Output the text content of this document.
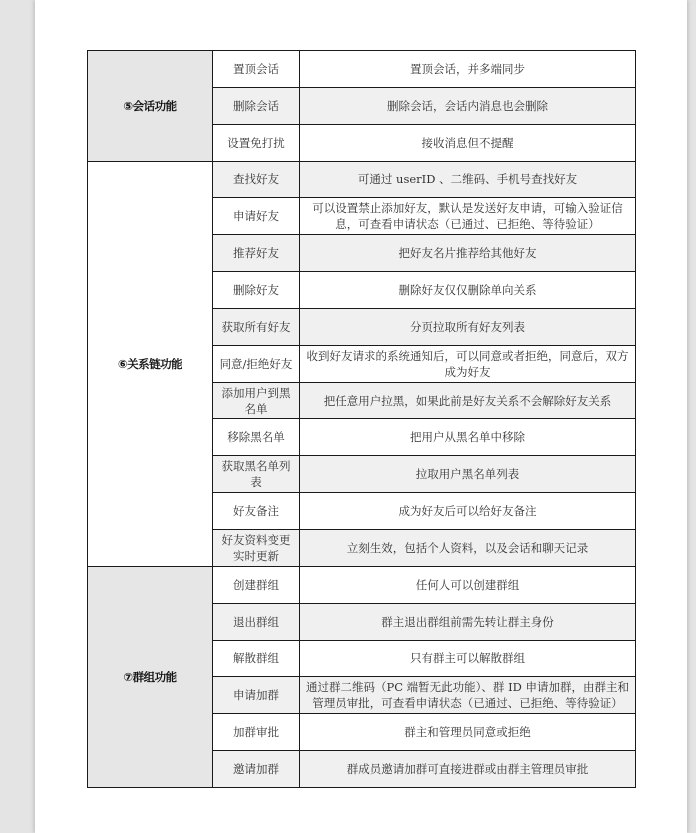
⑤会话功能	置顶会话	置顶会话，并多端同步
	删除会话	删除会话，会话内消息也会删除
	设置免打扰	接收消息但不提醒
⑥关系链功能	查找好友	可通过 userID 、二维码、手机号查找好友
	申请好友	可以设置禁止添加好友，默认是发送好友申请，可输入验证信息，可查看申请状态（已通过、已拒绝、等待验证）
	推荐好友	把好友名片推荐给其他好友
	删除好友	删除好友仅仅删除单向关系
	获取所有好友	分页拉取所有好友列表
	同意/拒绝好友	收到好友请求的系统通知后，可以同意或者拒绝，同意后，双方成为好友
	添加用户到黑名单	把任意用户拉黑，如果此前是好友关系不会解除好友关系
	移除黑名单	把用户从黑名单中移除
	获取黑名单列表	拉取用户黑名单列表
	好友备注	成为好友后可以给好友备注
	好友资料变更实时更新	立刻生效，包括个人资料，以及会话和聊天记录
⑦群组功能	创建群组	任何人可以创建群组
	退出群组	群主退出群组前需先转让群主身份
	解散群组	只有群主可以解散群组
	申请加群	通过群二维码（PC 端暂无此功能）、群 ID 申请加群，由群主和管理员审批，可查看申请状态（已通过、已拒绝、等待验证）
	加群审批	群主和管理员同意或拒绝
	邀请加群	群成员邀请加群可直接进群或由群主管理员审批
